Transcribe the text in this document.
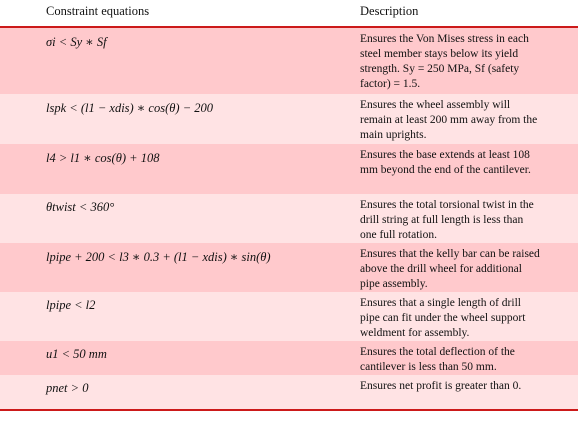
Constraint equations	Description
σi < Sy ∗ Sf	Ensures the Von Mises stress in each steel member stays below its yield strength. Sy = 250 MPa, Sf (safety factor) = 1.5.
lspk < (l1 − xdis) ∗ cos(θ) − 200	Ensures the wheel assembly will remain at least 200 mm away from the main uprights.
l4 > l1 ∗ cos(θ) + 108	Ensures the base extends at least 108 mm beyond the end of the cantilever.
θtwist < 360°	Ensures the total torsional twist in the drill string at full length is less than one full rotation.
lpipe + 200 < l3 ∗ 0.3 + (l1 − xdis) ∗ sin(θ)	Ensures that the kelly bar can be raised above the drill wheel for additional pipe assembly.
lpipe < l2	Ensures that a single length of drill pipe can fit under the wheel support weldment for assembly.
u1 < 50 mm	Ensures the total deflection of the cantilever is less than 50 mm.
pnet > 0	Ensures net profit is greater than 0.
